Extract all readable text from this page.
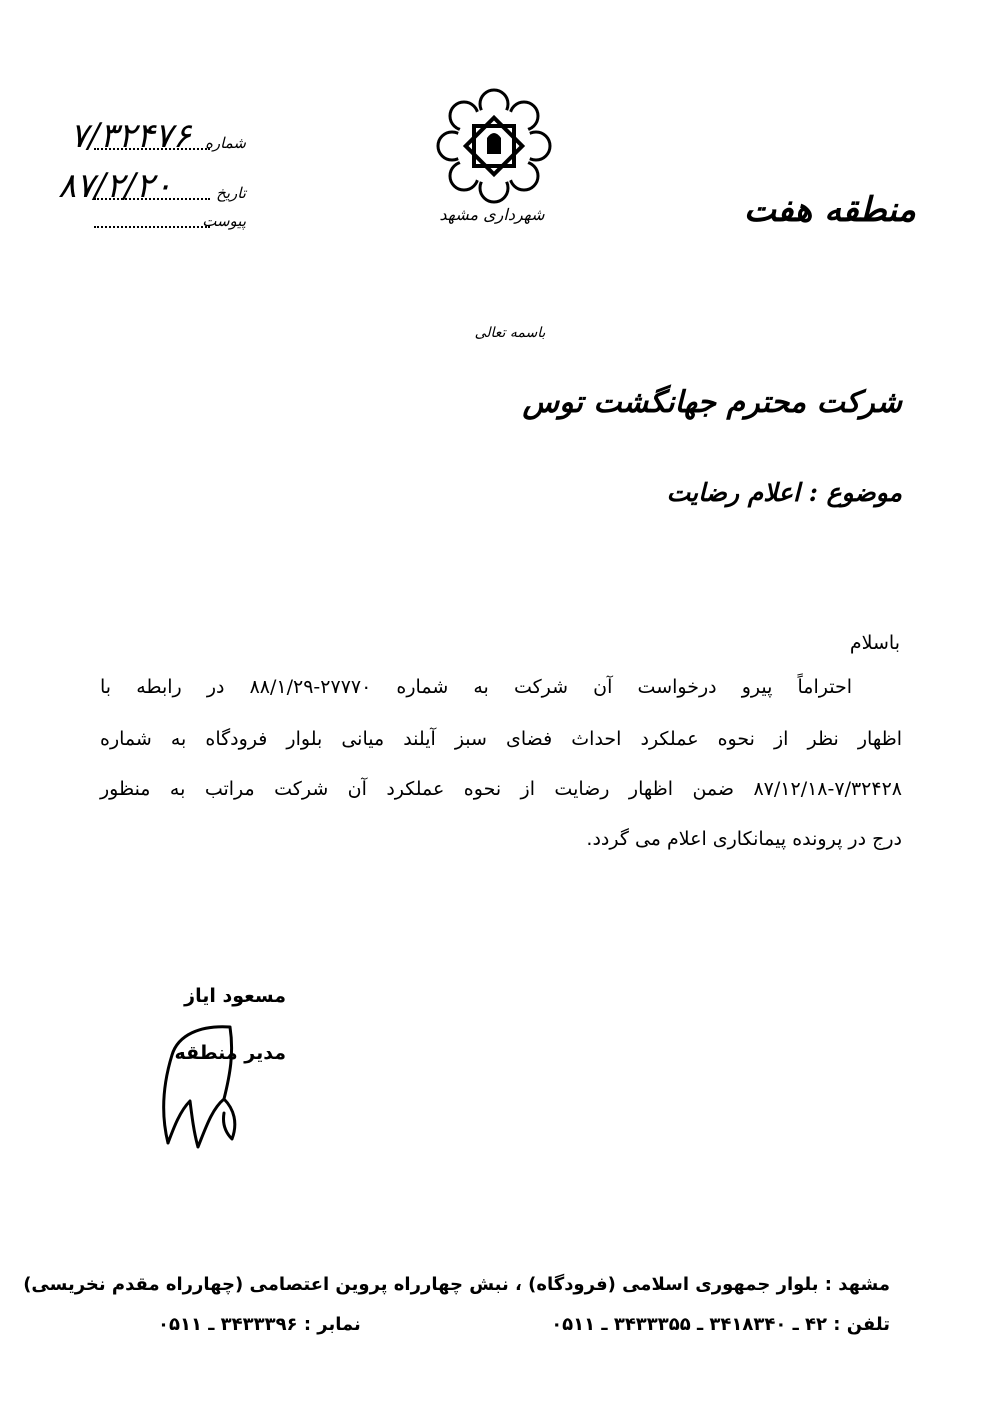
منطقه هفت
شهرداری مشهد
۷/۳۲۴۷۶ شماره
۸۷/۲/۲۰	تاریخ
پیوست
باسمه تعالی
شرکت محترم جهانگشت توس
موضوع : اعلام رضایت
باسلام
احتراماً پیرو درخواست آن شرکت به شماره ۲۷۷۷۰-۸۸/۱/۲۹ در رابطه با
اظهار نظر از نحوه عملکرد احداث فضای سبز آیلند میانی بلوار فرودگاه به شماره
۸۷/۱۲/۱۸-۷/۳۲۴۲۸ ضمن اظهار رضایت از نحوه عملکرد آن شرکت مراتب به منظور
درج در پرونده پیمانکاری اعلام می گردد.
مسعود ایاز
مدیر منطقه
مشهد : بلوار جمهوری اسلامی (فرودگاه) ، نبش چهارراه پروین اعتصامی (چهارراه مقدم نخریسی)
تلفن : ۴۲ ـ ۳۴۱۸۳۴۰ ـ ۳۴۳۳۳۵۵ ـ ۰۵۱۱
نمابر : ۳۴۳۳۳۹۶ ـ ۰۵۱۱
